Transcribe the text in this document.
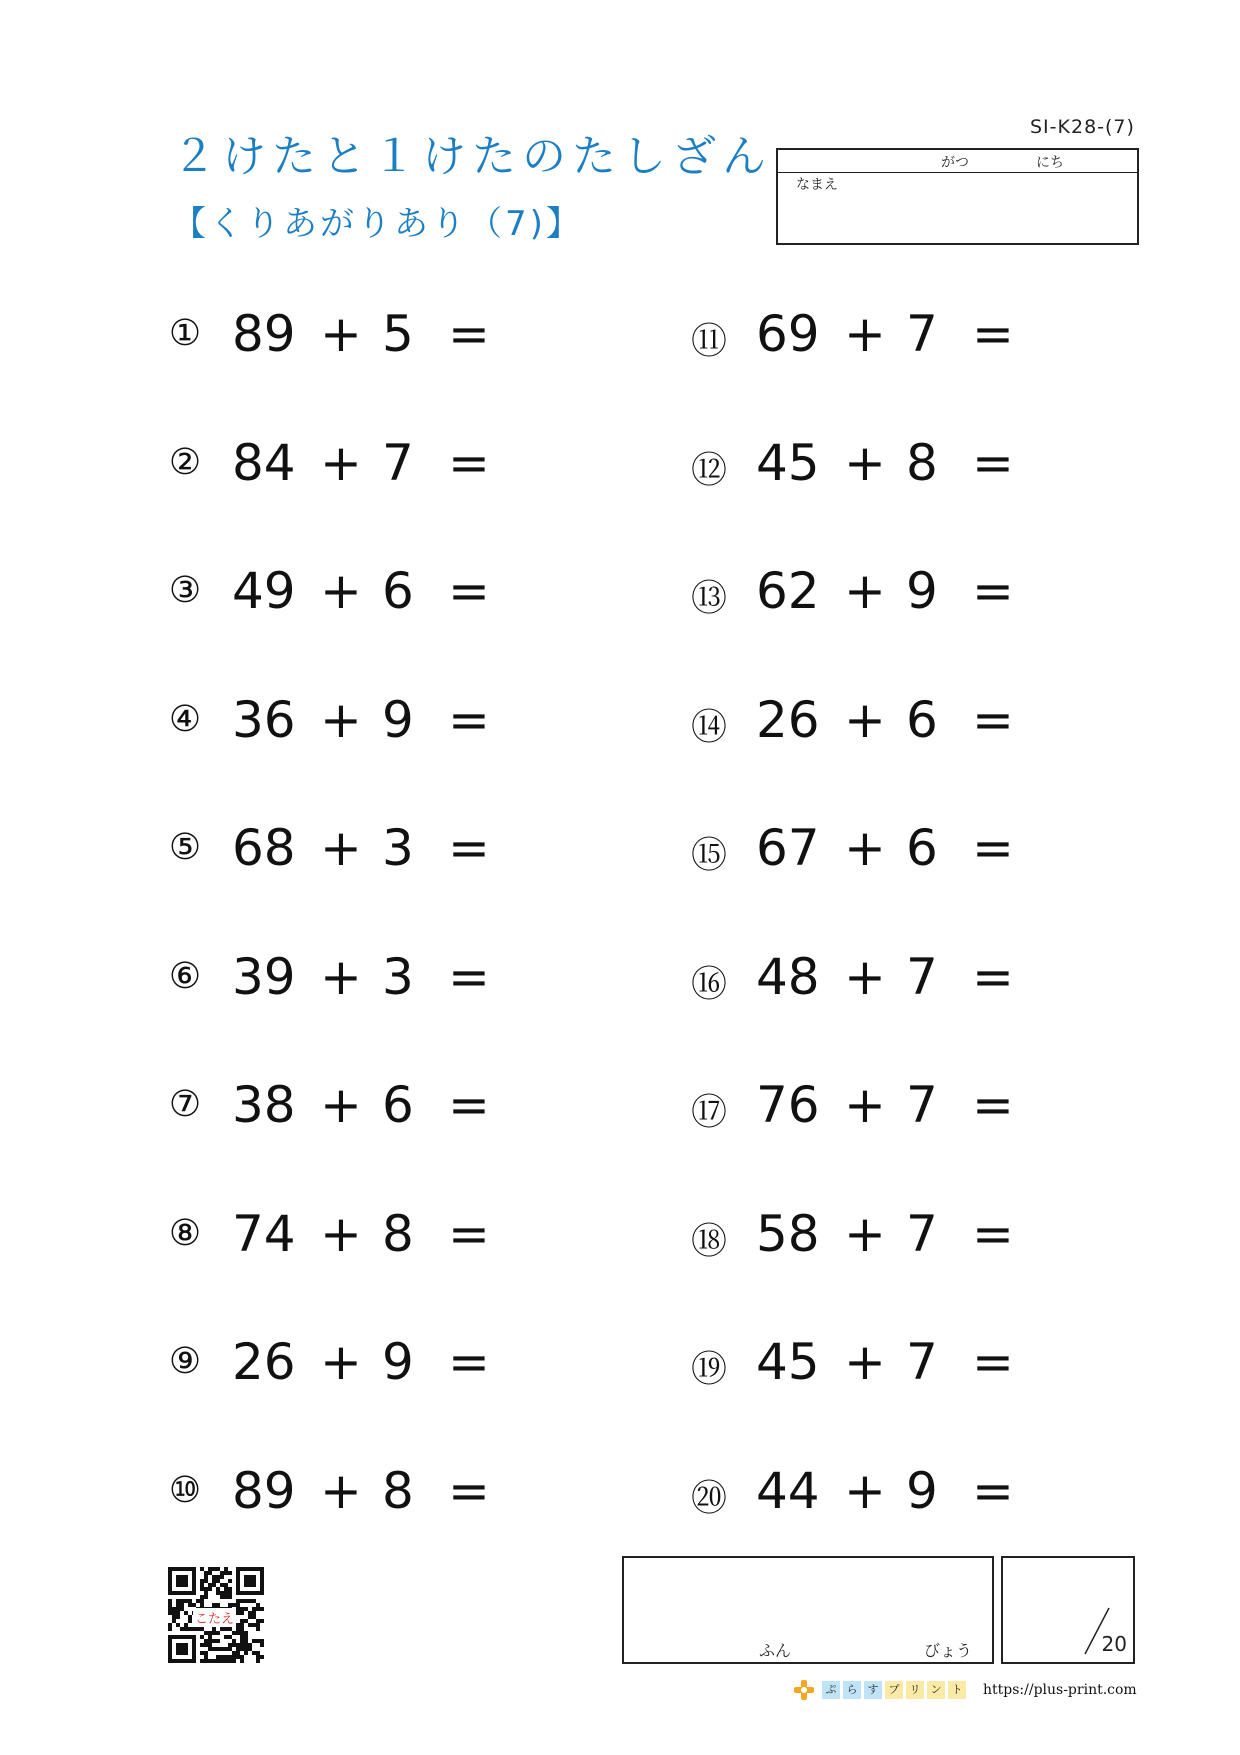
SI-K28-(7)
２けたと１けたのたしざん
【くりあがりあり（7)】
がつ	にち
なまえ
① 89 + 5 =
② 84 + 7 =
③ 49 + 6 =
④ 36 + 9 =
⑤ 68 + 3 =
⑥ 39 + 3 =
⑦ 38 + 6 =
⑧ 74 + 8 =
⑨ 26 + 9 =
⑩ 89 + 8 =
⑪ 69 + 7 =
⑫ 45 + 8 =
⑬ 62 + 9 =
⑭ 26 + 6 =
⑮ 67 + 6 =
⑯ 48 + 7 =
⑰ 76 + 7 =
⑱ 58 + 7 =
⑲ 45 + 7 =
⑳ 44 + 9 =
こたえ
ふん	びょう	20
ぷ ら す プ リ ン ト https://plus-print.com
